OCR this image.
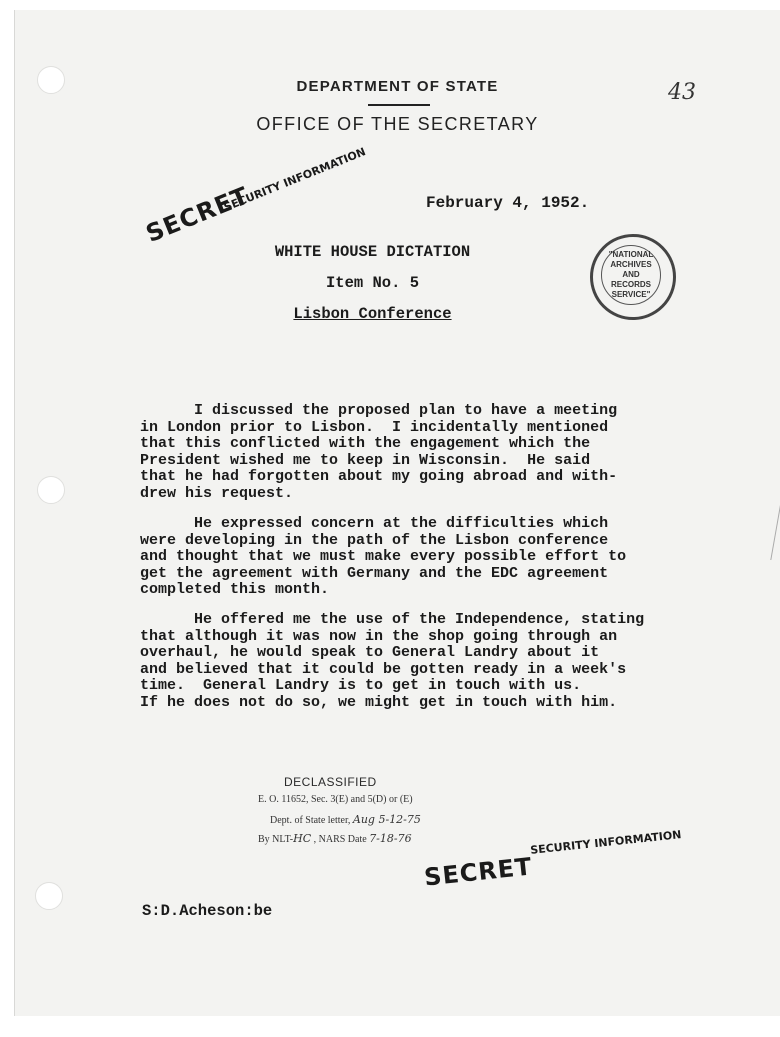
DEPARTMENT OF STATE
OFFICE OF THE SECRETARY
43
SECRET
SECURITY INFORMATION	February 4, 1952.
WHITE HOUSE DICTATION
Item No. 5
Lisbon Conference
"NATIONAL
ARCHIVES AND
RECORDS
SERVICE"
I discussed the proposed plan to have a meeting
in London prior to Lisbon.  I incidentally mentioned
that this conflicted with the engagement which the
President wished me to keep in Wisconsin.  He said
that he had forgotten about my going abroad and with-
drew his request.
He expressed concern at the difficulties which
were developing in the path of the Lisbon conference
and thought that we must make every possible effort to
get the agreement with Germany and the EDC agreement
completed this month.
He offered me the use of the Independence, stating
that although it was now in the shop going through an
overhaul, he would speak to General Landry about it
and believed that it could be gotten ready in a week's
time.  General Landry is to get in touch with us.
If he does not do so, we might get in touch with him.
DECLASSIFIED
E. O. 11652, Sec. 3(E) and 5(D) or (E)
Dept. of State letter, Aug 5-12-75
By NLT-HC , NARS Date 7-18-76
SECRET
SECURITY INFORMATION
S:D.Acheson:be
